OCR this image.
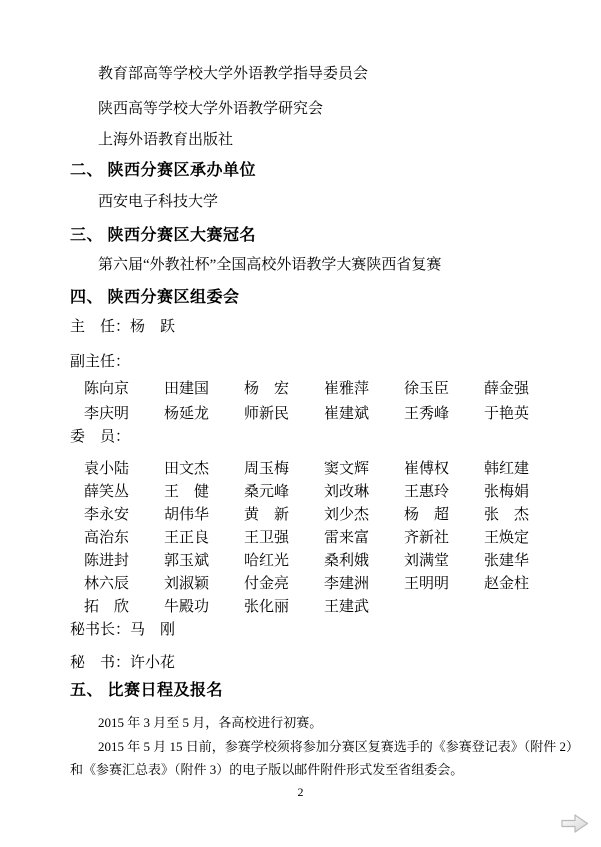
教育部高等学校大学外语教学指导委员会
陕西高等学校大学外语教学研究会
上海外语教育出版社
二、 陕西分赛区承办单位
西安电子科技大学
三、 陕西分赛区大赛冠名
第六届“外教社杯”全国高校外语教学大赛陕西省复赛
四、 陕西分赛区组委会
主　任：杨　跃
副主任：
陈向京	田建国	杨　宏	崔雅萍	徐玉臣	薛金强
李庆明	杨延龙	师新民	崔建斌	王秀峰	于艳英
委　员：
袁小陆	田文杰	周玉梅	窦文辉	崔傅权	韩红建
薛笑丛	王　健	桑元峰	刘改琳	王惠玲	张梅娟
李永安	胡伟华	黄　新	刘少杰	杨　超	张　杰
高治东	王正良	王卫强	雷来富	齐新社	王焕定
陈进封	郭玉斌	哈红光	桑利娥	刘满堂	张建华
林六辰	刘淑颖	付金亮	李建洲	王明明	赵金柱
拓　欣	牛殿功	张化丽	王建武
秘书长：马　刚
秘　书：许小花
五、 比赛日程及报名
2015 年 3 月至 5 月，各高校进行初赛。
2015 年 5 月 15 日前，参赛学校须将参加分赛区复赛选手的《参赛登记表》（附件 2）
和《参赛汇总表》（附件 3）的电子版以邮件附件形式发至省组委会。
2
